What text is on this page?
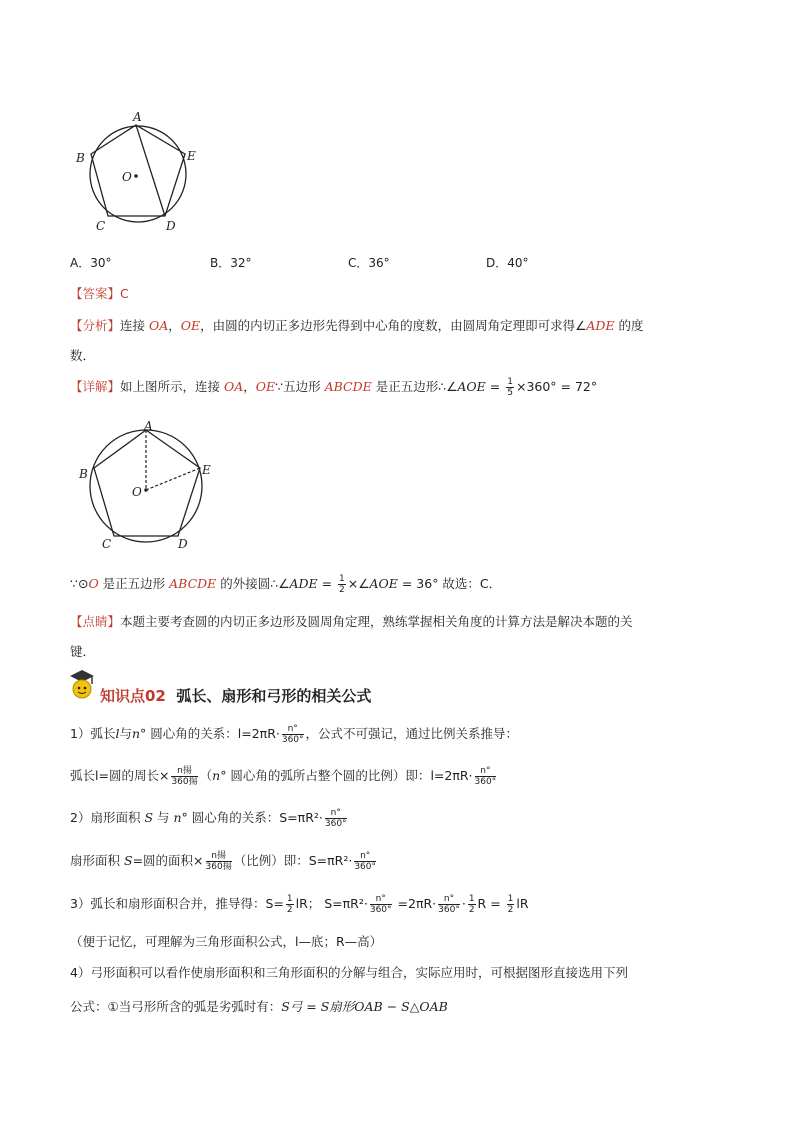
A
B
C	D
E
O
A．30°	B．32°	C．36°	D．40°
【答案】C
【分析】连接 OA，OE，由圆的内切正多边形先得到中心角的度数，由圆周角定理即可求得∠ADE 的度
数．
【详解】如上图所示，连接 OA，OE∵五边形 ABCDE 是正五边形∴∠AOE = $\frac{1}{5} \times 360^\circ = 72^\circ$
A
B
C	D
E
O
∵⊙O 是正五边形 ABCDE 的外接圆∴∠ADE = $\frac{1}{2}$ ×∠AOE = 36° 故选：C．
【点睛】本题主要考查圆的内切正多边形及圆周角定理，熟练掌握相关角度的计算方法是解决本题的关
键．
知识点02 弧长、扇形和弓形的相关公式
1）弧长l与n° 圆心角的关系：$l=2\pi R\cdot \frac{n^\circ}{360^\circ}$ ，公式不可强记，通过比例关系推导：
弧长l=圆的周长× $\frac{\text{n揚}}{\text{360揚}} (n^\circ$ 圆心角的弧所占整个圆的比例）即：$l=2\pi R\cdot \frac{n^\circ}{360^\circ}$
2）扇形面积 S 与 n° 圆心角的关系：$S=\pi R^2\cdot \frac{n^\circ}{360^\circ}$
扇形面积 S=圆的面积× $\frac{\text{n揚}}{\text{360揚}}$ （比例）即：$S=\pi R^2\cdot \frac{n^\circ}{360^\circ}$
3）弧长和扇形面积合并，推导得：$S= \frac{1}{2}$ lR； $S=\pi R^2\cdot \frac{n^\circ}{360^\circ} =2\pi R\cdot \frac{n^\circ}{360^\circ} \cdot \frac{1}{2}$ $R = \frac{1}{2}$ lR
（便于记忆，可理解为三角形面积公式，l—底；R—高）
4）弓形面积可以看作使扇形面积和三角形面积的分解与组合，实际应用时，可根据图形直接选用下列
公式：①当弓形所含的弧是劣弧时有：S弓 = S扇形OAB − S△OAB
